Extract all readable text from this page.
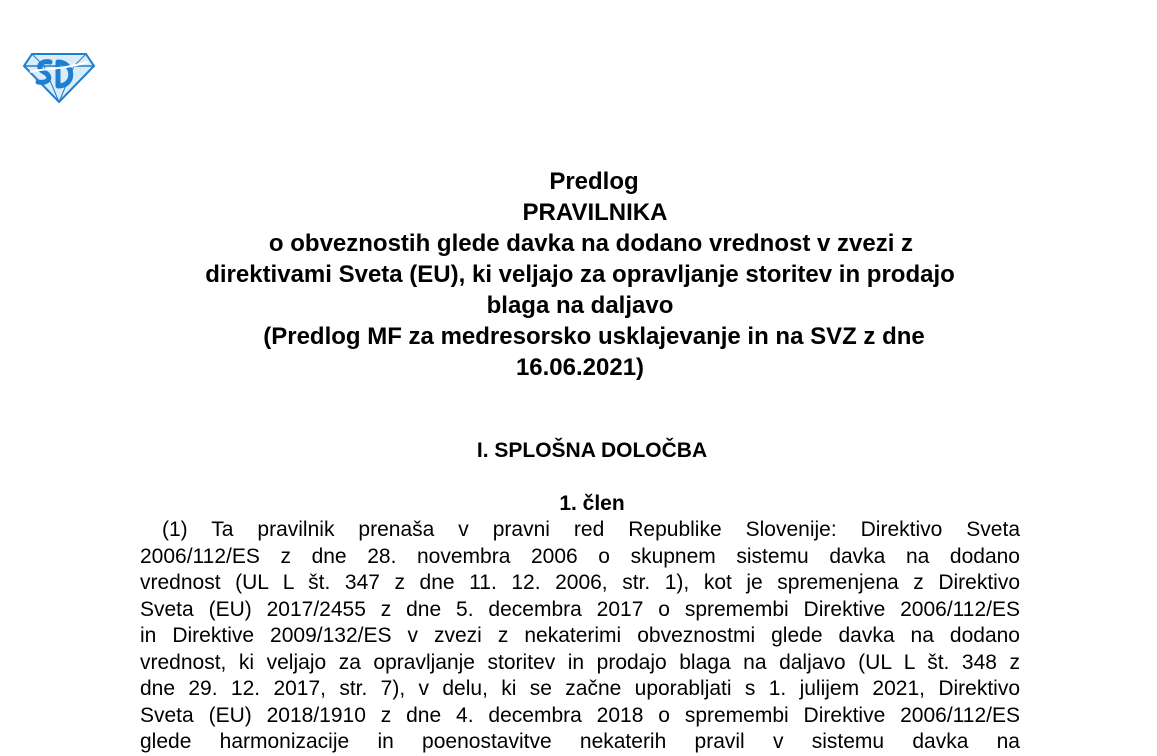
Predlog
PRAVILNIKA
o obveznostih glede davka na dodano vrednost v zvezi z
direktivami Sveta (EU), ki veljajo za opravljanje storitev in prodajo
blaga na daljavo
(Predlog MF za medresorsko usklajevanje in na SVZ z dne
16.06.2021)
I. SPLOŠNA DOLOČBA
1. člen
(1) Ta pravilnik prenaša v pravni red Republike Slovenije: Direktivo Sveta
2006/112/ES z dne 28. novembra 2006 o skupnem sistemu davka na dodano
vrednost (UL L št. 347 z dne 11. 12. 2006, str. 1), kot je spremenjena z Direktivo
Sveta (EU) 2017/2455 z dne 5. decembra 2017 o spremembi Direktive 2006/112/ES
in Direktive 2009/132/ES v zvezi z nekaterimi obveznostmi glede davka na dodano
vrednost, ki veljajo za opravljanje storitev in prodajo blaga na daljavo (UL L št. 348 z
dne 29. 12. 2017, str. 7), v delu, ki se začne uporabljati s 1. julijem 2021, Direktivo
Sveta (EU) 2018/1910 z dne 4. decembra 2018 o spremembi Direktive 2006/112/ES
glede harmonizacije in poenostavitve nekaterih pravil v sistemu davka na
